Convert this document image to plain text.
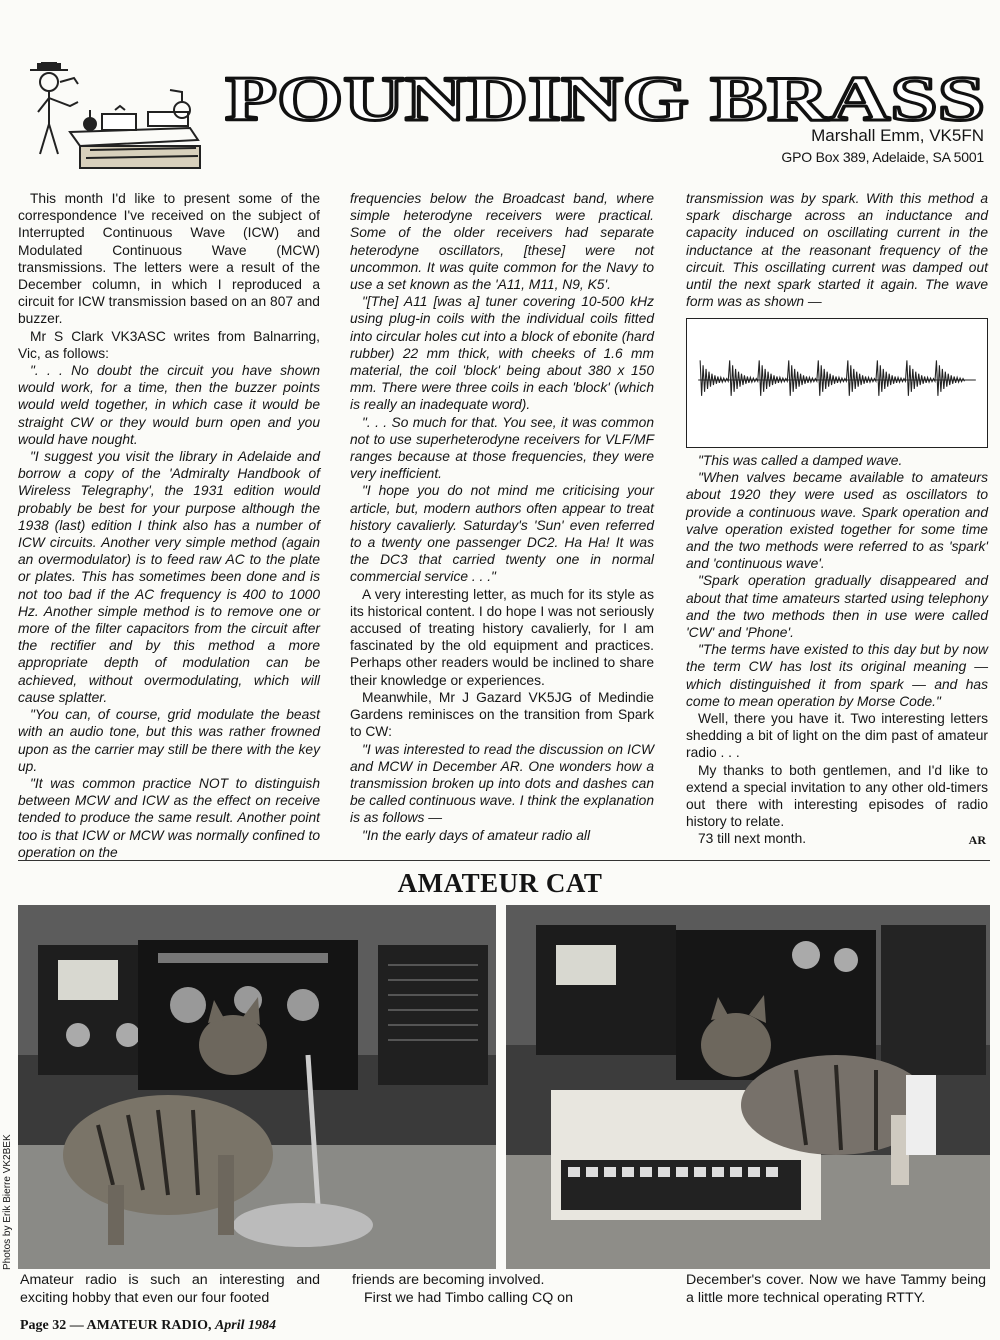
POUNDING BRASS
Marshall Emm, VK5FN
GPO Box 389, Adelaide, SA 5001

This month I'd like to present some of the correspondence I've received on the subject of Interrupted Continuous Wave (ICW) and Modulated Continuous Wave (MCW) transmissions. The letters were a result of the December column, in which I reproduced a circuit for ICW transmission based on an 807 and buzzer.

Mr S Clark VK3ASC writes from Balnarring, Vic, as follows:

". . . No doubt the circuit you have shown would work, for a time, then the buzzer points would weld together, in which case it would be straight CW or they would burn open and you would have nought.

"I suggest you visit the library in Adelaide and borrow a copy of the 'Admiralty Handbook of Wireless Telegraphy', the 1931 edition would probably be best for your purpose although the 1938 (last) edition I think also has a number of ICW circuits. Another very simple method (again an overmodulator) is to feed raw AC to the plate or plates. This has sometimes been done and is not too bad if the AC frequency is 400 to 1000 Hz. Another simple method is to remove one or more of the filter capacitors from the circuit after the rectifier and by this method a more appropriate depth of modulation can be achieved, without overmodulating, which will cause splatter.

"You can, of course, grid modulate the beast with an audio tone, but this was rather frowned upon as the carrier may still be there with the key up.

"It was common practice NOT to distinguish between MCW and ICW as the effect on receive tended to produce the same result. Another point too is that ICW or MCW was normally confined to operation on the

frequencies below the Broadcast band, where simple heterodyne receivers were practical. Some of the older receivers had separate heterodyne oscillators, [these] were not uncommon. It was quite common for the Navy to use a set known as the 'A11, M11, N9, K5'.

"[The] A11 [was a] tuner covering 10-500 kHz using plug-in coils with the individual coils fitted into circular holes cut into a block of ebonite (hard rubber) 22 mm thick, with cheeks of 1.6 mm material, the coil 'block' being about 380 x 150 mm. There were three coils in each 'block' (which is really an inadequate word).

". . . So much for that. You see, it was common not to use superheterodyne receivers for VLF/MF ranges because at those frequencies, they were very inefficient.

"I hope you do not mind me criticising your article, but, modern authors often appear to treat history cavalierly. Saturday's 'Sun' even referred to a twenty one passenger DC2. Ha Ha! It was the DC3 that carried twenty one in normal commercial service . . ."

A very interesting letter, as much for its style as its historical content. I do hope I was not seriously accused of treating history cavalierly, for I am fascinated by the old equipment and practices. Perhaps other readers would be inclined to share their knowledge or experiences.

Meanwhile, Mr J Gazard VK5JG of Medindie Gardens reminisces on the transition from Spark to CW:

"I was interested to read the discussion on ICW and MCW in December AR. One wonders how a transmission broken up into dots and dashes can be called continuous wave. I think the explanation is as follows —

"In the early days of amateur radio all

transmission was by spark. With this method a spark discharge across an inductance and capacity induced on oscillating current in the inductance at the reasonant frequency of the circuit. This oscillating current was damped out until the next spark started it again. The wave form was as shown —

"This was called a damped wave.

"When valves became available to amateurs about 1920 they were used as oscillators to provide a continuous wave. Spark operation and valve operation existed together for some time and the two methods were referred to as 'spark' and 'continuous wave'.

"Spark operation gradually disappeared and about that time amateurs started using telephony and the two methods then in use were called 'CW' and 'Phone'.

"The terms have existed to this day but by now the term CW has lost its original meaning — which distinguished it from spark — and has come to mean operation by Morse Code."

Well, there you have it. Two interesting letters shedding a bit of light on the dim past of amateur radio . . .

My thanks to both gentlemen, and I'd like to extend a special invitation to any other old-timers out there with interesting episodes of radio history to relate.

73 till next month.	AR
AMATEUR CAT
Photos by Erik Bierre VK2BEK

Amateur radio is such an interesting and exciting hobby that even our four footed

friends are becoming involved.

First we had Timbo calling CQ on

December's cover. Now we have Tammy being a little more technical operating RTTY.

Page 32 — AMATEUR RADIO, April 1984
